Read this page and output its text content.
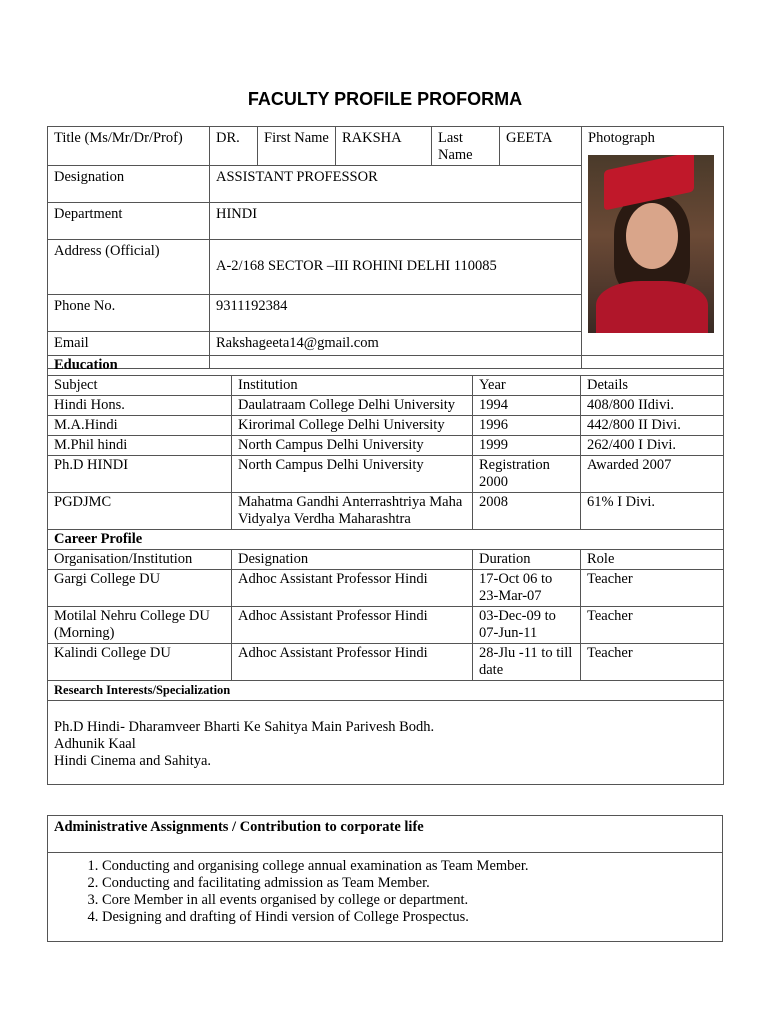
FACULTY PROFILE PROFORMA
Title (Ms/Mr/Dr/Prof)	DR.	First Name	RAKSHA	Last Name	GEETA	Photograph

Designation	ASSISTANT PROFESSOR					
Department	HINDI					
Address (Official)	A-2/168 SECTOR –III ROHINI DELHI 110085					
Phone No.	9311192384					
Email	Rakshageeta14@gmail.com					
Education			
Subject	Institution	Year	Details
Hindi Hons.	Daulatraam College Delhi University	1994	408/800 IIdivi.
M.A.Hindi	Kirorimal College Delhi University	1996	442/800 II Divi.
M.Phil hindi	North Campus Delhi University	1999	262/400 I Divi.
Ph.D HINDI	North Campus Delhi University	Registration 2000	Awarded 2007
PGDJMC	Mahatma Gandhi Anterrashtriya Maha Vidyalya Verdha Maharashtra	2008	61% I Divi.
Career Profile			
Organisation/Institution	Designation	Duration	Role
Gargi College DU	Adhoc Assistant Professor Hindi	17-Oct 06 to 23-Mar-07	Teacher
Motilal Nehru College DU (Morning)	Adhoc Assistant Professor Hindi	03-Dec-09 to 07-Jun-11	Teacher
Kalindi College DU	Adhoc Assistant Professor Hindi	28-Jlu -11 to till date	Teacher
Research Interests/Specialization			

Ph.D Hindi- Dharamveer Bharti Ke Sahitya Main Parivesh Bodh.
Adhunik Kaal
Hindi Cinema and Sahitya.			
Administrative Assignments / Contribution to corporate life

1. Conducting and organising college annual examination as Team Member.
2. Conducting and facilitating admission as Team Member.
3. Core Member in all events organised by college or department.
4. Designing and drafting of Hindi version of College Prospectus.
